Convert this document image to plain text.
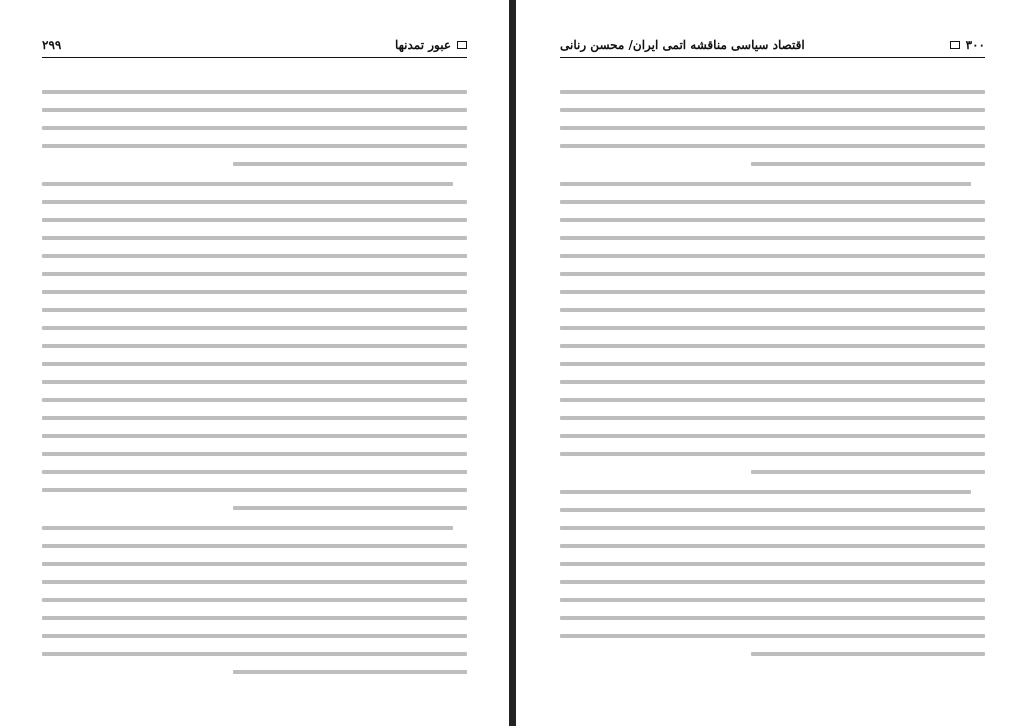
عبور تمدنها
۲۹۹	۳۰۰
اقتصاد سیاسی مناقشه اتمی ایران/ محسن رنانی
